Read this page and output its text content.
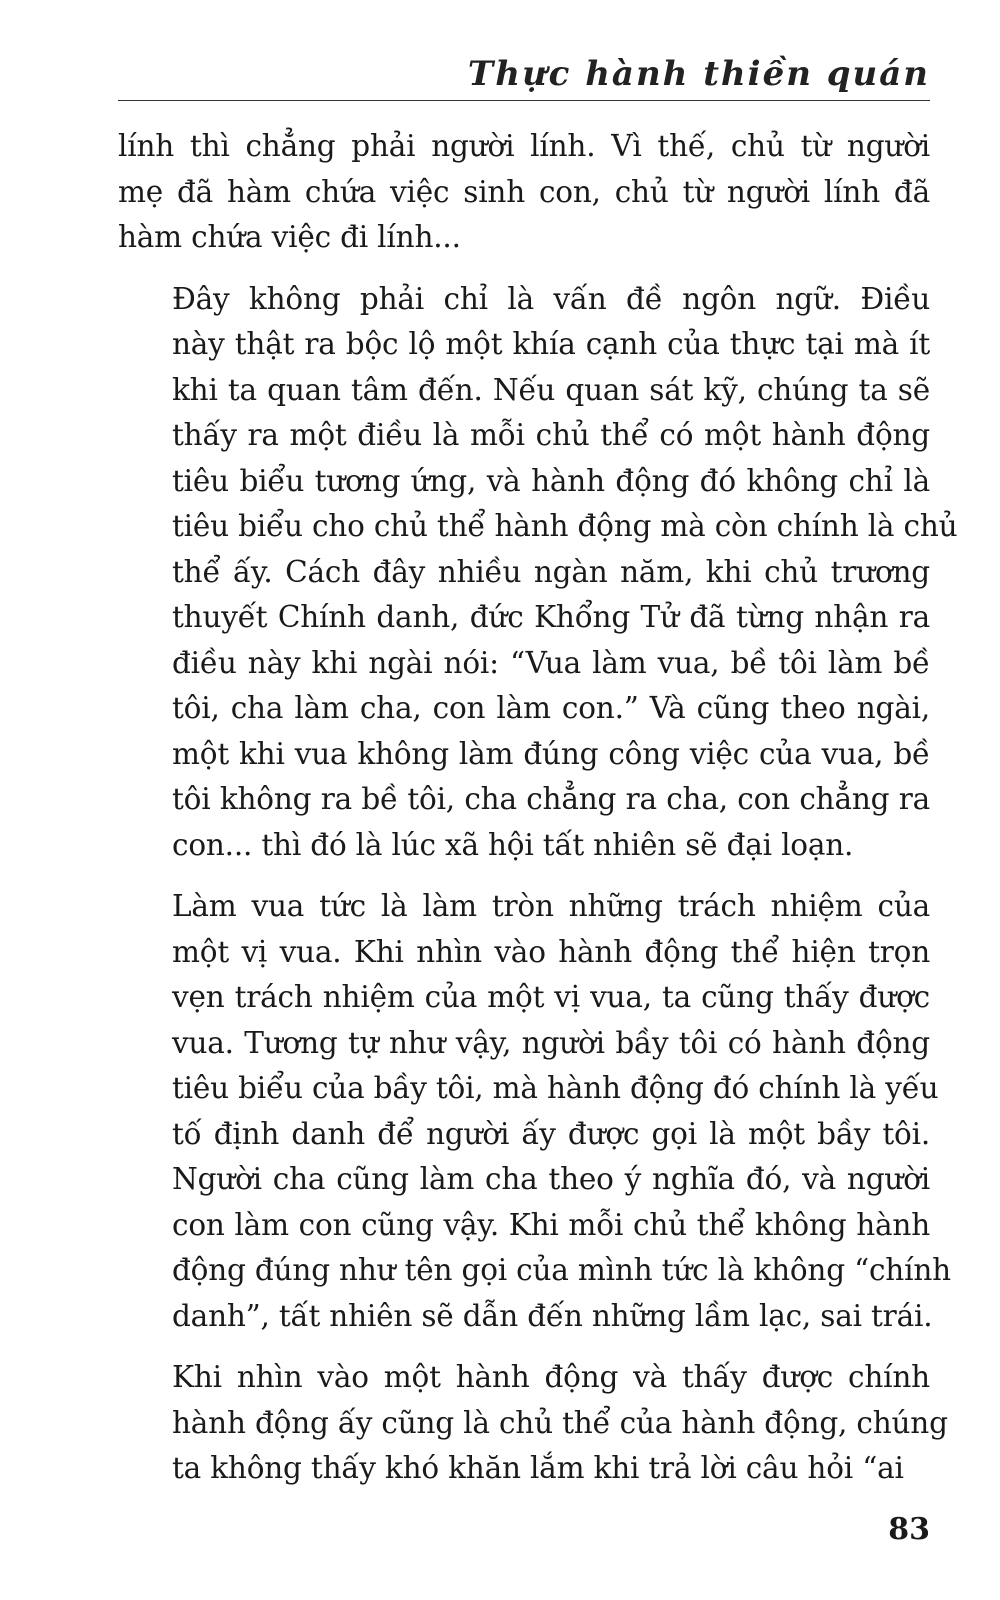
Thực hành thiền quán

lính thì chẳng phải người lính. Vì thế, chủ từ người
mẹ đã hàm chứa việc sinh con, chủ từ người lính đã
hàm chứa việc đi lính...

Đây không phải chỉ là vấn đề ngôn ngữ. Điều
này thật ra bộc lộ một khía cạnh của thực tại mà ít
khi ta quan tâm đến. Nếu quan sát kỹ, chúng ta sẽ
thấy ra một điều là mỗi chủ thể có một hành động
tiêu biểu tương ứng, và hành động đó không chỉ là
tiêu biểu cho chủ thể hành động mà còn chính là chủ
thể ấy. Cách đây nhiều ngàn năm, khi chủ trương
thuyết Chính danh, đức Khổng Tử đã từng nhận ra
điều này khi ngài nói: “Vua làm vua, bề tôi làm bề
tôi, cha làm cha, con làm con.” Và cũng theo ngài,
một khi vua không làm đúng công việc của vua, bề
tôi không ra bề tôi, cha chẳng ra cha, con chẳng ra
con... thì đó là lúc xã hội tất nhiên sẽ đại loạn.

Làm vua tức là làm tròn những trách nhiệm của
một vị vua. Khi nhìn vào hành động thể hiện trọn
vẹn trách nhiệm của một vị vua, ta cũng thấy được
vua. Tương tự như vậy, người bầy tôi có hành động
tiêu biểu của bầy tôi, mà hành động đó chính là yếu
tố định danh để người ấy được gọi là một bầy tôi.
Người cha cũng làm cha theo ý nghĩa đó, và người
con làm con cũng vậy. Khi mỗi chủ thể không hành
động đúng như tên gọi của mình tức là không “chính
danh”, tất nhiên sẽ dẫn đến những lầm lạc, sai trái.

Khi nhìn vào một hành động và thấy được chính
hành động ấy cũng là chủ thể của hành động, chúng
ta không thấy khó khăn lắm khi trả lời câu hỏi “ai

83
